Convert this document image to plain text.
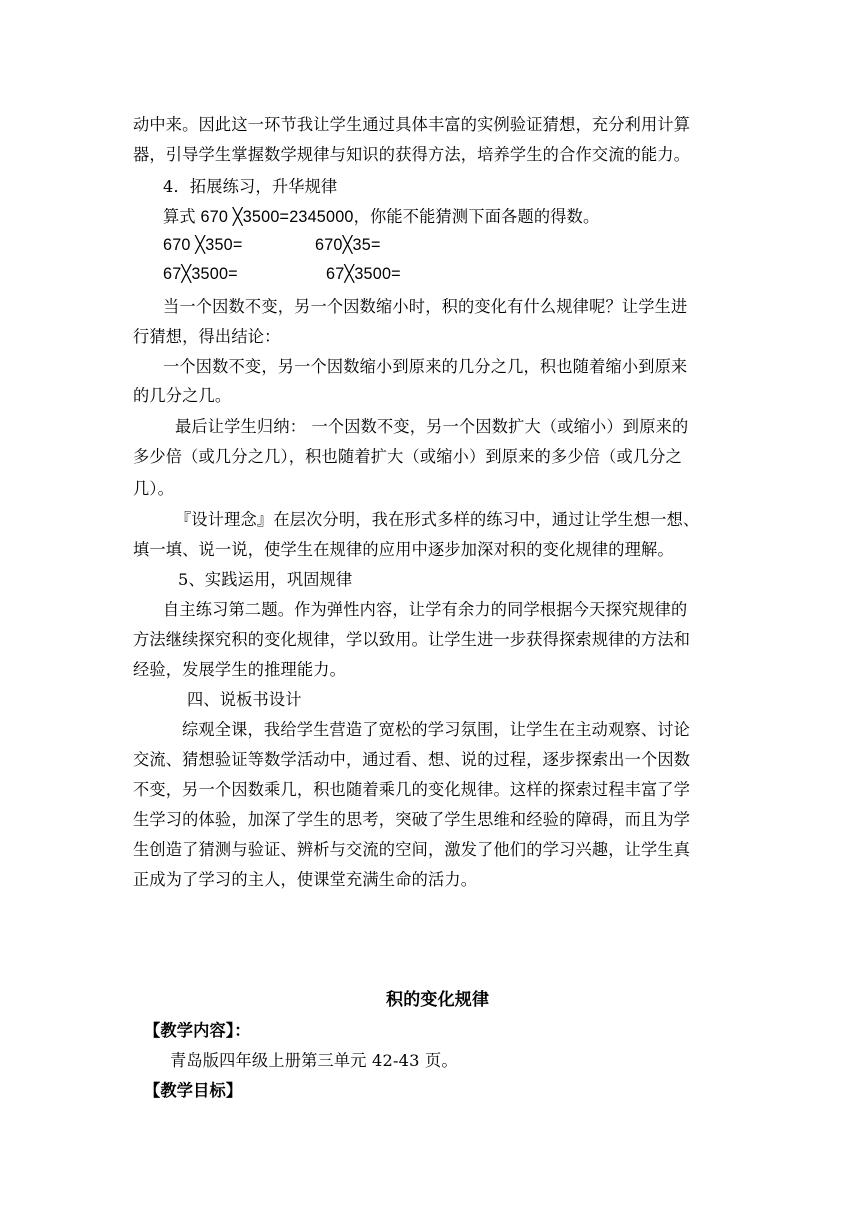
动中来。因此这一环节我让学生通过具体丰富的实例验证猜想，充分利用计算
器，引导学生掌握数学规律与知识的获得方法，培养学生的合作交流的能力。
4．拓展练习，升华规律
算式 670 ╳3500=2345000，你能不能猜测下面各题的得数。
670 ╳350=	670╳35=
67╳3500=	67╳3500=
当一个因数不变，另一个因数缩小时，积的变化有什么规律呢？让学生进
行猜想，得出结论：
一个因数不变，另一个因数缩小到原来的几分之几，积也随着缩小到原来
的几分之几。
最后让学生归纳： 一个因数不变，另一个因数扩大（或缩小）到原来的
多少倍（或几分之几），积也随着扩大（或缩小）到原来的多少倍（或几分之
几）。
『设计理念』在层次分明，我在形式多样的练习中，通过让学生想一想、
填一填、说一说，使学生在规律的应用中逐步加深对积的变化规律的理解。
5、实践运用，巩固规律
自主练习第二题。作为弹性内容，让学有余力的同学根据今天探究规律的
方法继续探究积的变化规律，学以致用。让学生进一步获得探索规律的方法和
经验，发展学生的推理能力。
四、说板书设计
综观全课，我给学生营造了宽松的学习氛围，让学生在主动观察、讨论
交流、猜想验证等数学活动中，通过看、想、说的过程，逐步探索出一个因数
不变，另一个因数乘几，积也随着乘几的变化规律。这样的探索过程丰富了学
生学习的体验，加深了学生的思考，突破了学生思维和经验的障碍，而且为学
生创造了猜测与验证、辨析与交流的空间，激发了他们的学习兴趣，让学生真
正成为了学习的主人，使课堂充满生命的活力。
积的变化规律
【教学内容】：
青岛版四年级上册第三单元 42-43 页。
【教学目标】
